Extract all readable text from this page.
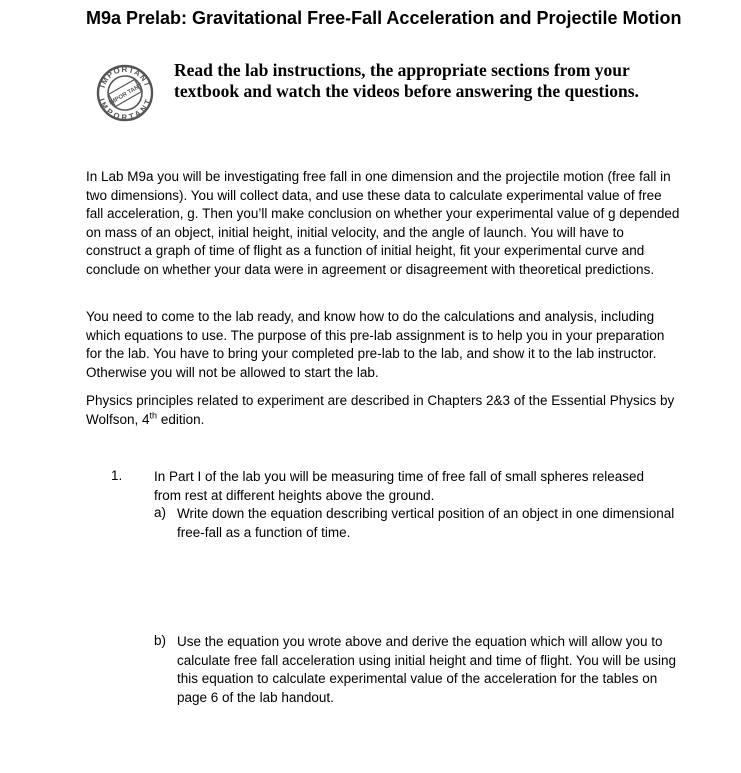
M9a Prelab: Gravitational Free-Fall Acceleration and Projectile Motion
IMPORTANT
IMPORTANT
IMPOR TANT
Read the lab instructions, the appropriate sections from your textbook and watch the videos before answering the questions.

In Lab M9a you will be investigating free fall in one dimension and the projectile motion (free fall in two dimensions). You will collect data, and use these data to calculate experimental value of free fall acceleration, g. Then you’ll make conclusion on whether your experimental value of g depended on mass of an object, initial height, initial velocity, and the angle of launch. You will have to construct a graph of time of flight as a function of initial height, fit your experimental curve and conclude on whether your data were in agreement or disagreement with theoretical predictions.

You need to come to the lab ready, and know how to do the calculations and analysis, including which equations to use. The purpose of this pre-lab assignment is to help you in your preparation for the lab. You have to bring your completed pre-lab to the lab, and show it to the lab instructor. Otherwise you will not be allowed to start the lab.

Physics principles related to experiment are described in Chapters 2&3 of the Essential Physics by Wolfson, 4th edition.

1. In Part I of the lab you will be measuring time of free fall of small spheres released from rest at different heights above the ground.
a) Write down the equation describing vertical position of an object in one dimensional free-fall as a function of time.
b) Use the equation you wrote above and derive the equation which will allow you to calculate free fall acceleration using initial height and time of flight. You will be using this equation to calculate experimental value of the acceleration for the tables on page 6 of the lab handout.
